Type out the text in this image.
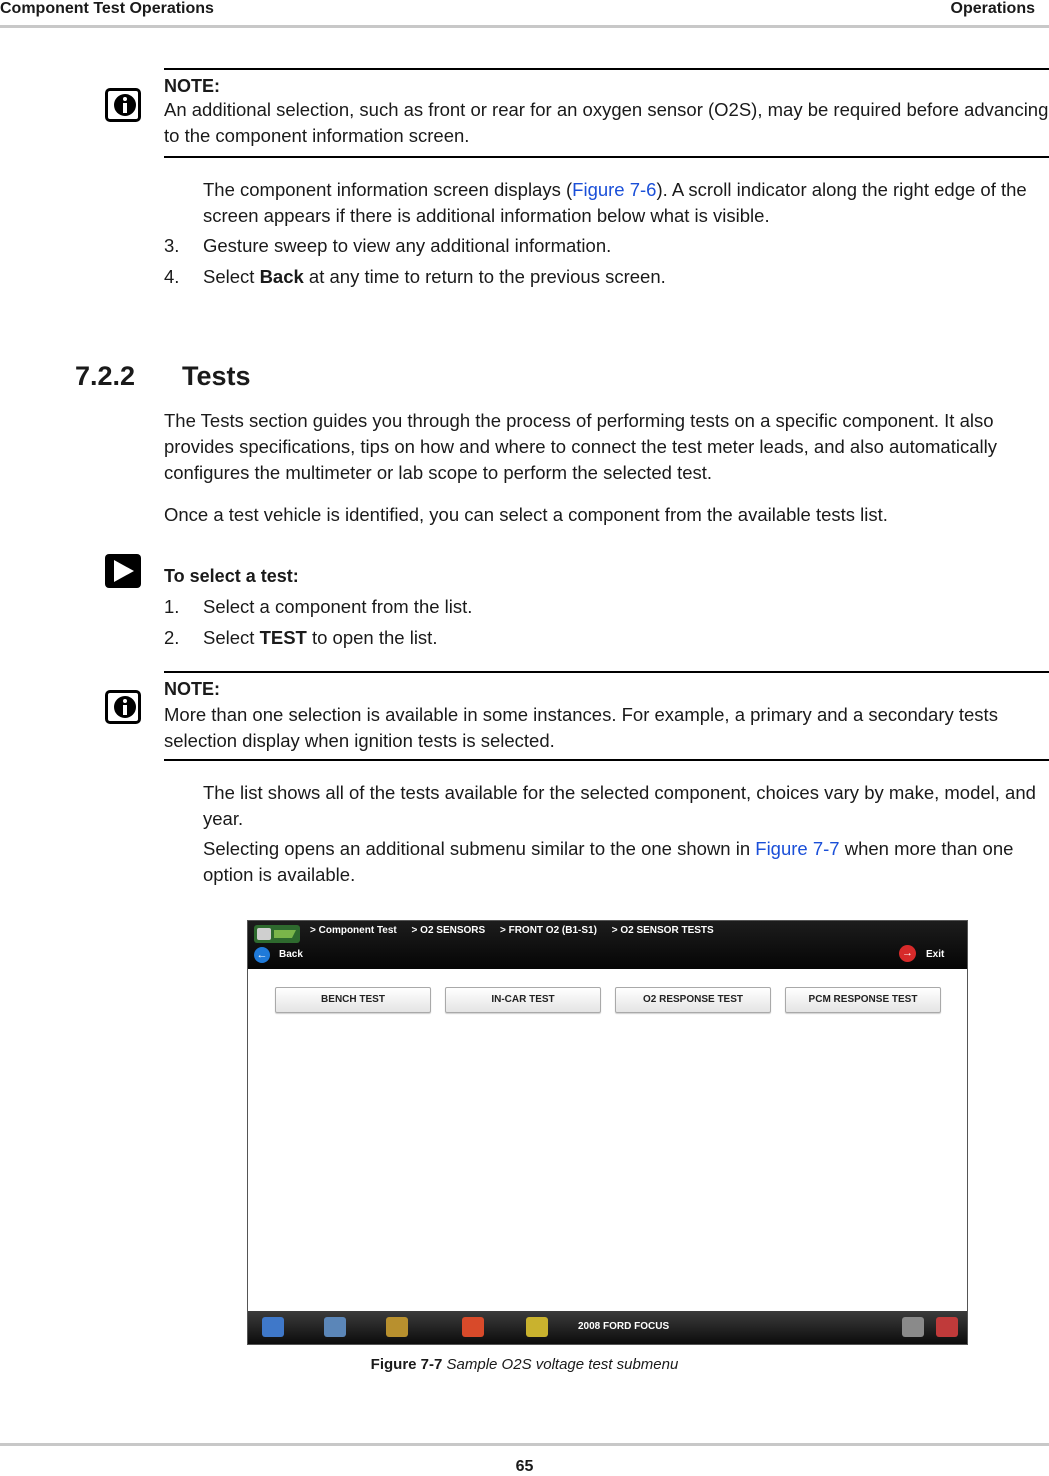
Component Test Operations	Operations
NOTE:
An additional selection, such as front or rear for an oxygen sensor (O2S), may be required before advancing to the component information screen.
The component information screen displays (Figure 7-6). A scroll indicator along the right edge of the screen appears if there is additional information below what is visible.
3.	Gesture sweep to view any additional information.
4.	Select Back at any time to return to the previous screen.
7.2.2 Tests
The Tests section guides you through the process of performing tests on a specific component. It also provides specifications, tips on how and where to connect the test meter leads, and also automatically configures the multimeter or lab scope to perform the selected test.
Once a test vehicle is identified, you can select a component from the available tests list.
To select a test:
1.	Select a component from the list.
2.	Select TEST to open the list.
NOTE:
More than one selection is available in some instances. For example, a primary and a secondary tests selection display when ignition tests is selected.
The list shows all of the tests available for the selected component, choices vary by make, model, and year.
Selecting opens an additional submenu similar to the one shown in Figure 7-7 when more than one option is available.
> Component Test > O2 SENSORS > FRONT O2 (B1-S1) > O2 SENSOR TESTS
← Back	→	Exit
BENCH TEST	IN-CAR TEST	O2 RESPONSE TEST	PCM RESPONSE TEST
2008 FORD FOCUS
Figure 7-7 Sample O2S voltage test submenu
65
